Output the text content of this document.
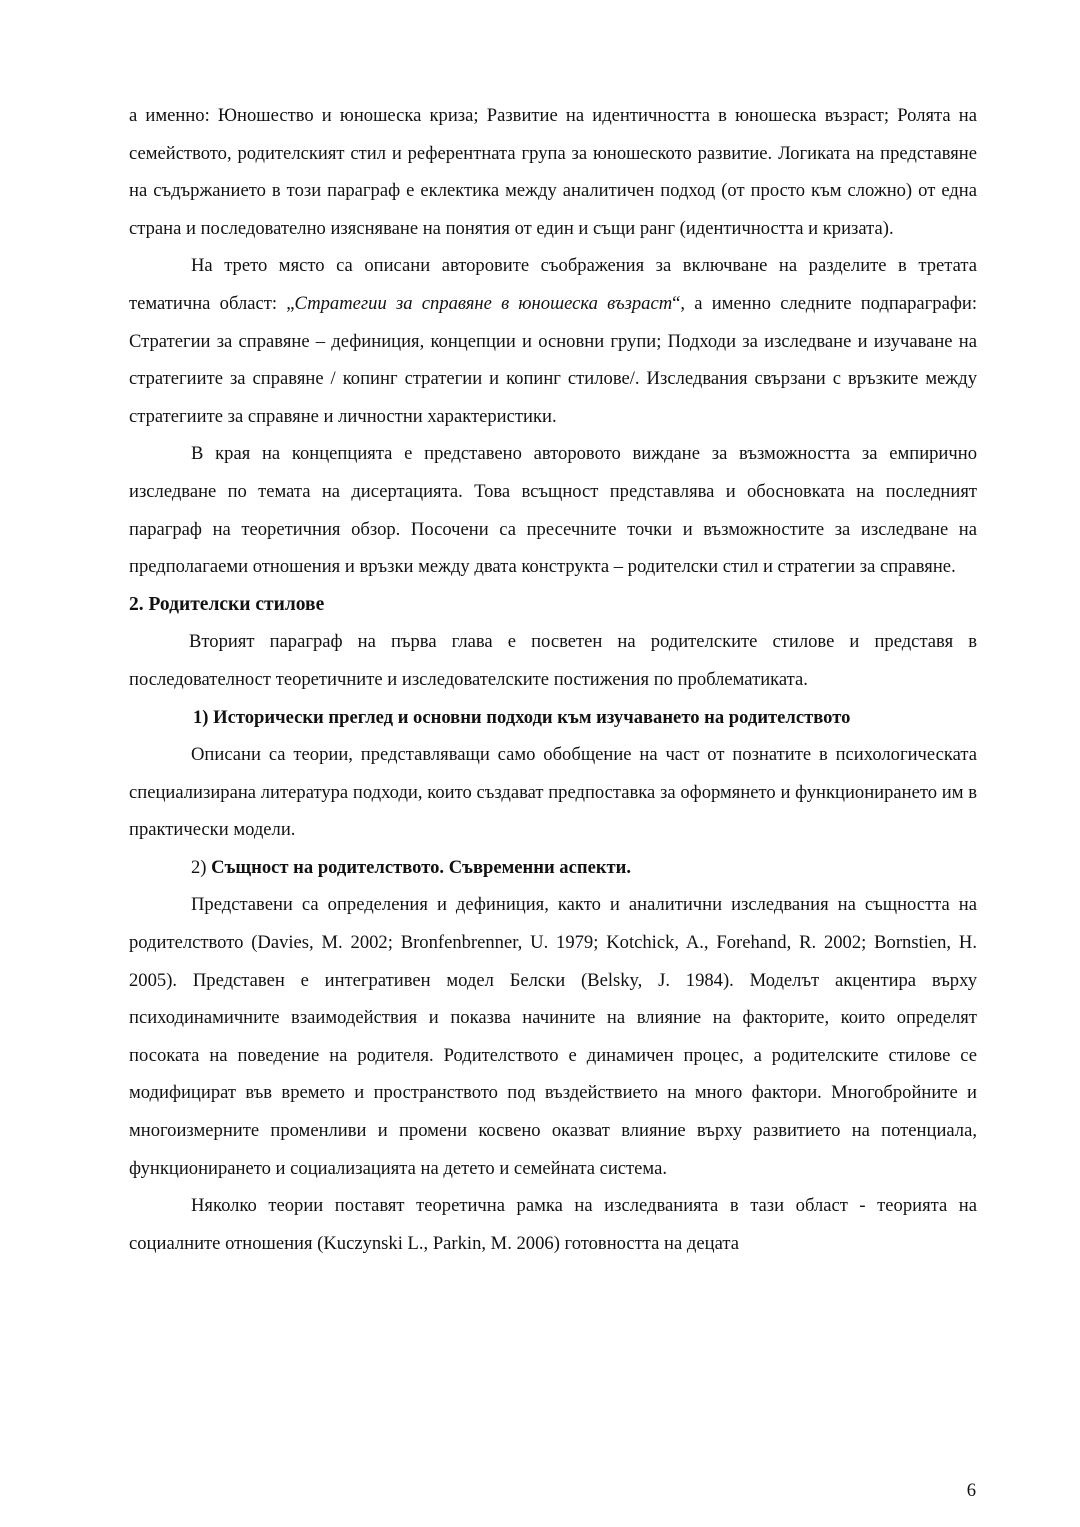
а именно: Юношество и юношеска криза; Развитие на идентичността в юношеска възраст; Ролята на семейството, родителският стил и референтната група за юношеското развитие. Логиката на представяне на съдържанието в този параграф е еклектика между аналитичен подход (от просто към сложно) от една страна и последователно изясняване на понятия от един и същи ранг (идентичността и кризата).

На трето място са описани авторовите съображения за включване на разделите в третата тематична област: „Стратегии за справяне в юношеска възраст“, а именно следните подпараграфи: Стратегии за справяне – дефиниция, концепции и основни групи; Подходи за изследване и изучаване на стратегиите за справяне / копинг стратегии и копинг стилове/. Изследвания свързани с връзките между стратегиите за справяне и личностни характеристики.

В края на концепцията е представено авторовото виждане за възможността за емпирично изследване по темата на дисертацията. Това всъщност представлява и обосновката на последният параграф на теоретичния обзор. Посочени са пресечните точки и възможностите за изследване на предполагаеми отношения и връзки между двата конструкта – родителски стил и стратегии за справяне.

2. Родителски стилове

Вторият параграф на първа глава е посветен на родителските стилове и представя в последователност теоретичните и изследователските постижения по проблематиката.

1) Исторически преглед и основни подходи към изучаването на родителството

Описани са теории, представляващи само обобщение на част от познатите в психологическата специализирана литература подходи, които създават предпоставка за оформянето и функционирането им в практически модели.

2) Същност на родителството. Съвременни аспекти.

Представени са определения и дефиниция, както и аналитични изследвания на същността на родителството (Davies, M. 2002; Bronfenbrenner, U. 1979; Kotchick, A., Forehand, R. 2002; Bornstien, H. 2005). Представен е интегративен модел Белски (Belsky, J. 1984). Моделът акцентира върху психодинамичните взаимодействия и показва начините на влияние на факторите, които определят посоката на поведение на родителя. Родителството е динамичен процес, а родителските стилове се модифицират във времето и пространството под въздействието на много фактори. Многобройните и многоизмерните променливи и промени косвено оказват влияние върху развитието на потенциала, функционирането и социализацията на детето и семейната система.

Няколко теории поставят теоретична рамка на изследванията в тази област - теорията на социалните отношения (Kuczynski L., Parkin, M. 2006) готовността на децата

6
